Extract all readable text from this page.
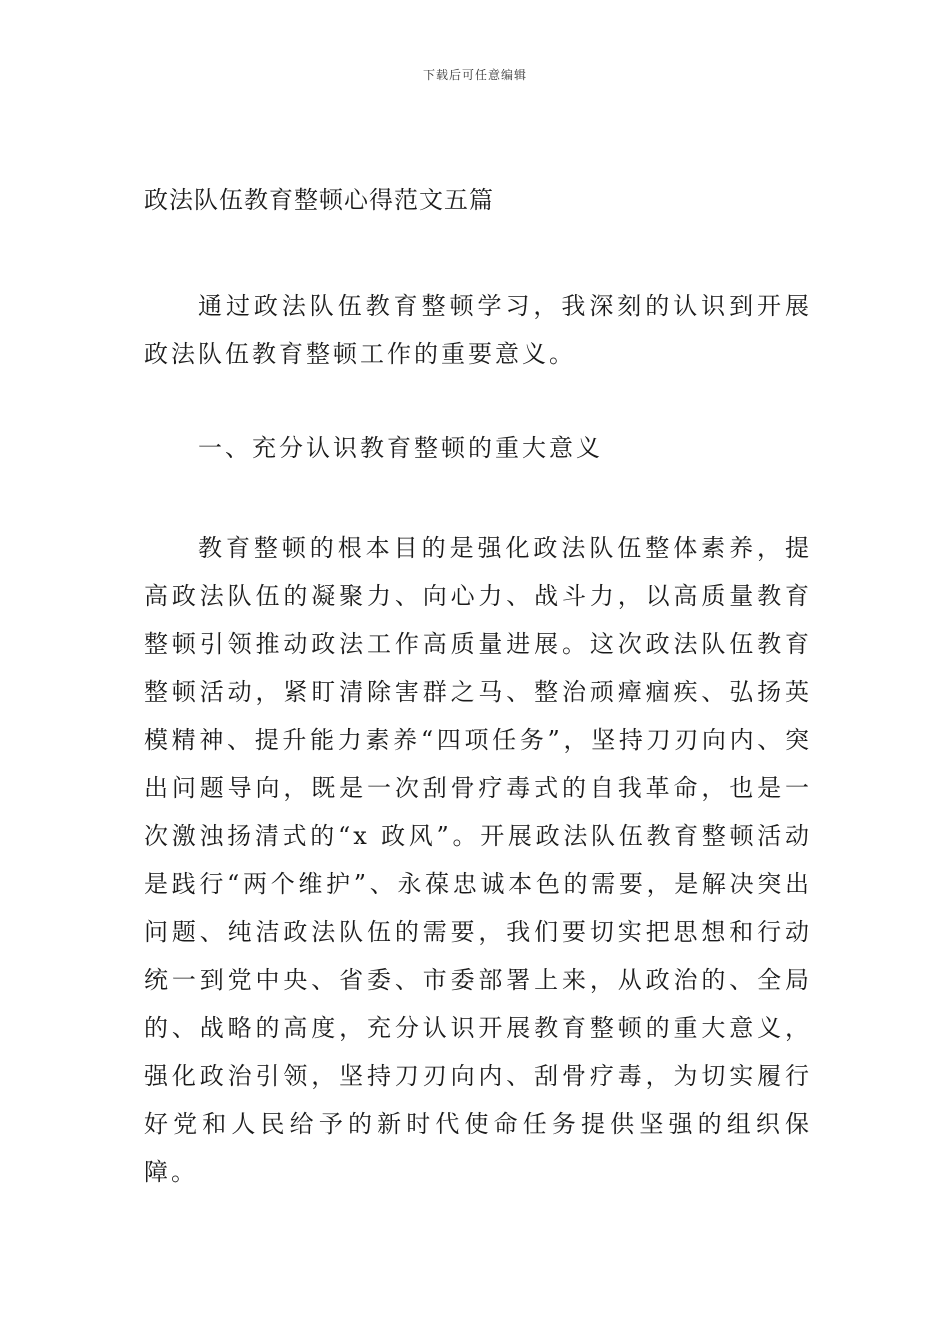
下载后可任意编辑
政法队伍教育整顿心得范文五篇

通过政法队伍教育整顿学习，我深刻的认识到开展政法队伍教育整顿工作的重要意义。

一、充分认识教育整顿的重大意义

教育整顿的根本目的是强化政法队伍整体素养，提高政法队伍的凝聚力、向心力、战斗力，以高质量教育整顿引领推动政法工作高质量进展。这次政法队伍教育整顿活动，紧盯清除害群之马、整治顽瘴痼疾、弘扬英模精神、提升能力素养“四项任务”，坚持刀刃向内、突出问题导向，既是一次刮骨疗毒式的自我革命，也是一次激浊扬清式的“x 政风”。开展政法队伍教育整顿活动是践行“两个维护”、永葆忠诚本色的需要，是解决突出问题、纯洁政法队伍的需要，我们要切实把思想和行动统一到党中央、省委、市委部署上来，从政治的、全局的、战略的高度，充分认识开展教育整顿的重大意义，强化政治引领，坚持刀刃向内、刮骨疗毒，为切实履行好党和人民给予的新时代使命任务提供坚强的组织保障。
